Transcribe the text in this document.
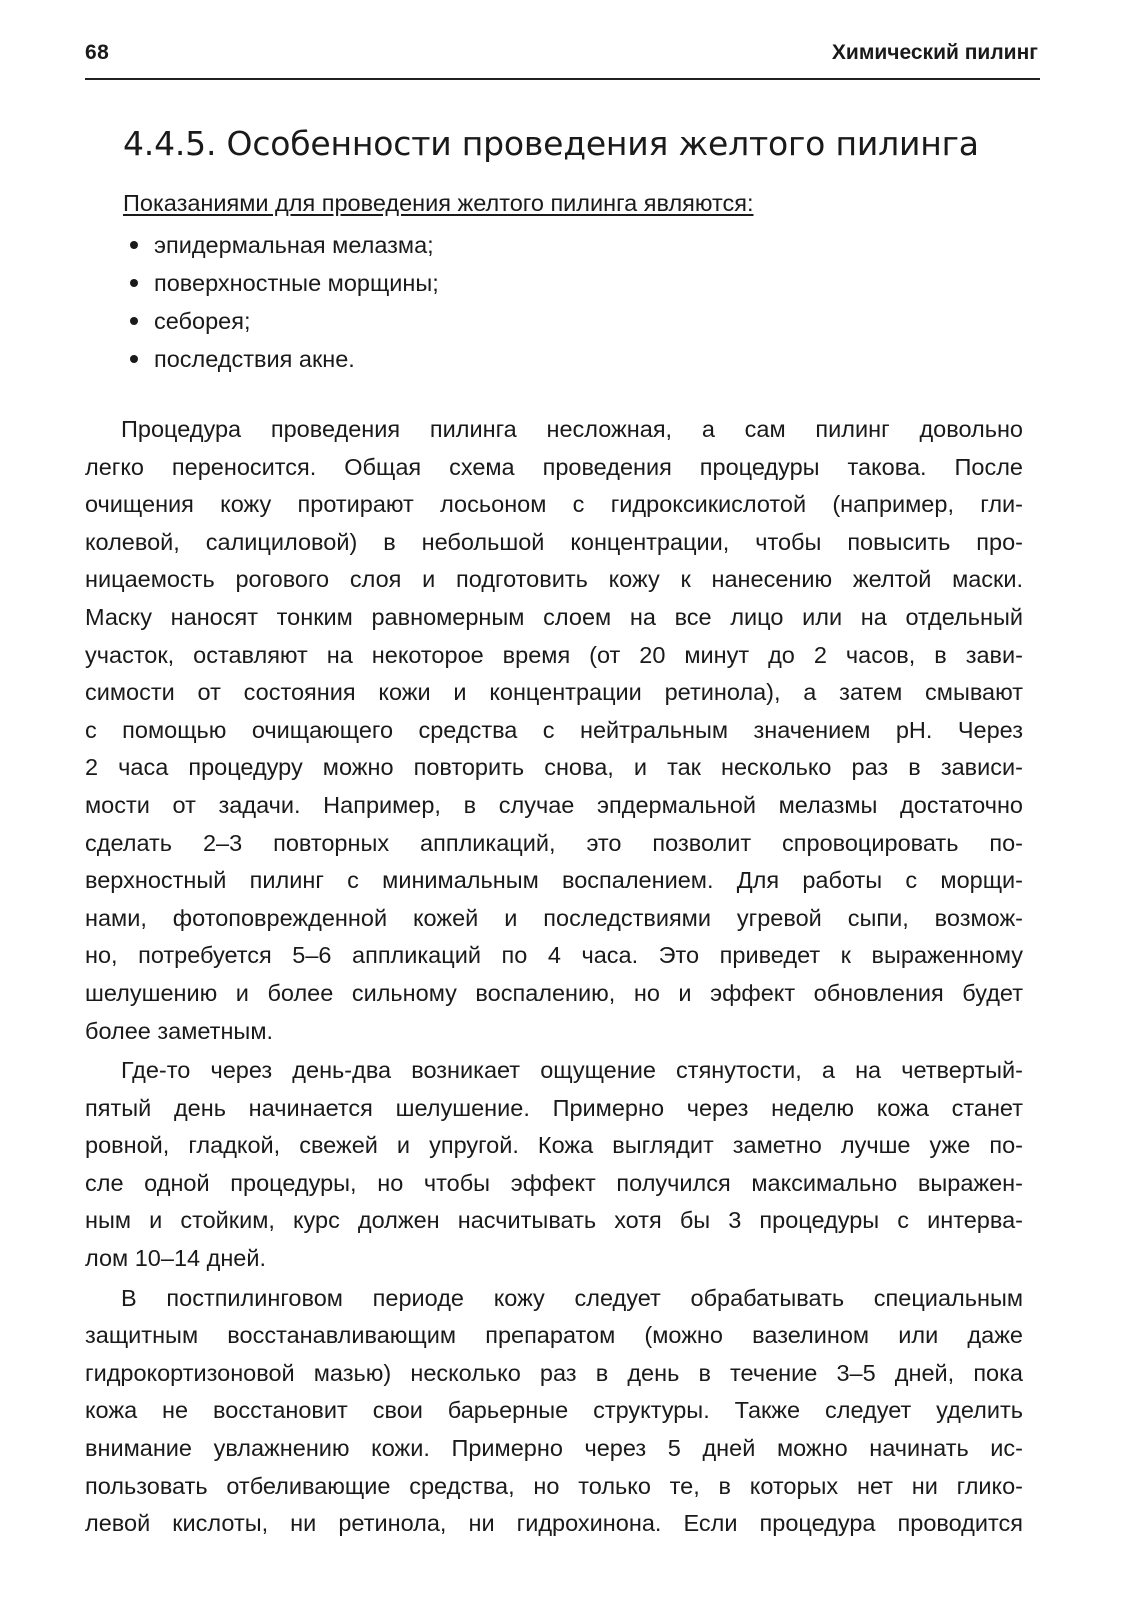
68	Химический пилинг
4.4.5. Особенности проведения желтого пилинга
Показаниями для проведения желтого пилинга являются:
эпидермальная мелазма;
поверхностные морщины;
себорея;
последствия акне.

Процедура проведения пилинга несложная, а сам пилинг довольно
легко переносится. Общая схема проведения процедуры такова. После
очищения кожу протирают лосьоном с гидроксикислотой (например, гли-
колевой, салициловой) в небольшой концентрации, чтобы повысить про-
ницаемость рогового слоя и подготовить кожу к нанесению желтой маски.
Маску наносят тонким равномерным слоем на все лицо или на отдельный
участок, оставляют на некоторое время (от 20 минут до 2 часов, в зави-
симости от состояния кожи и концентрации ретинола), а затем смывают
с помощью очищающего средства с нейтральным значением рН. Через
2 часа процедуру можно повторить снова, и так несколько раз в зависи-
мости от задачи. Например, в случае эпдермальной мелазмы достаточно
сделать 2–3 повторных аппликаций, это позволит спровоцировать по-
верхностный пилинг с минимальным воспалением. Для работы с морщи-
нами, фотоповрежденной кожей и последствиями угревой сыпи, возмож-
но, потребуется 5–6 аппликаций по 4 часа. Это приведет к выраженному
шелушению и более сильному воспалению, но и эффект обновления будет
более заметным.

Где-то через день-два возникает ощущение стянутости, а на четвертый-
пятый день начинается шелушение. Примерно через неделю кожа станет
ровной, гладкой, свежей и упругой. Кожа выглядит заметно лучше уже по-
сле одной процедуры, но чтобы эффект получился максимально выражен-
ным и стойким, курс должен насчитывать хотя бы 3 процедуры с интерва-
лом 10–14 дней.

В постпилинговом периоде кожу следует обрабатывать специальным
защитным восстанавливающим препаратом (можно вазелином или даже
гидрокортизоновой мазью) несколько раз в день в течение 3–5 дней, пока
кожа не восстановит свои барьерные структуры. Также следует уделить
внимание увлажнению кожи. Примерно через 5 дней можно начинать ис-
пользовать отбеливающие средства, но только те, в которых нет ни глико-
левой кислоты, ни ретинола, ни гидрохинона. Если процедура проводится
